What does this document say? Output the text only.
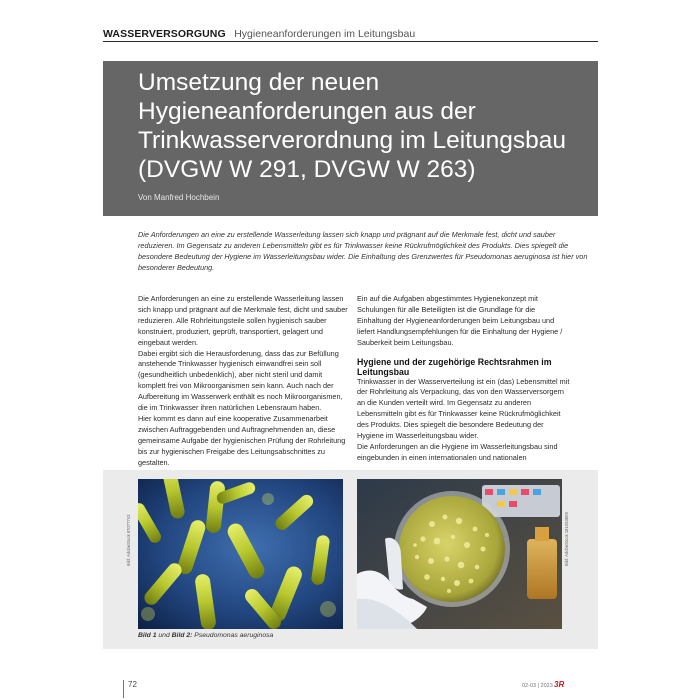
WASSERVERSORGUNG Hygieneanforderungen im Leitungsbau
Umsetzung der neuen
Hygieneanforderungen aus der
Trinkwasserverordnung im Leitungsbau
(DVGW W 291, DVGW W 263)
Von Manfred Hochbein

Die Anforderungen an eine zu erstellende Wasserleitung lassen sich knapp und prägnant auf die Merkmale fest, dicht und sauber reduzieren. Im Gegensatz zu anderen Lebensmitteln gibt es für Trinkwasser keine Rückrufmöglichkeit des Produkts. Dies spiegelt die besondere Bedeutung der Hygiene im Wasserleitungsbau wider. Die Einhaltung des Grenzwertes für Pseudomonas aeruginosa ist hier von besonderer Bedeutung.

Die Anforderungen an eine zu erstellende Wasserleitung lassen sich knapp und prägnant auf die Merkmale fest, dicht und sauber reduzieren. Alle Rohrleitungsteile sollen hygienisch sauber konstruiert, produziert, geprüft, transportiert, gelagert und eingebaut werden.

Dabei ergibt sich die Herausforderung, dass das zur Befüllung anstehende Trinkwasser hygienisch einwandfrei sein soll (gesundheitlich unbedenklich), aber nicht steril und damit komplett frei von Mikroorganismen sein kann. Auch nach der Aufbereitung im Wasserwerk enthält es noch Mikroorganismen, die im Trinkwasser ihren natürlichen Lebensraum haben.

Hier kommt es dann auf eine kooperative Zusammenarbeit zwischen Auftraggebenden und Auftragnehmenden an, diese gemeinsame Aufgabe der hygienischen Prüfung der Rohrleitung bis zur hygienischen Freigabe des Leitungsabschnittes zu gestalten.

Ein auf die Aufgaben abgestimmtes Hygienekonzept mit Schulungen für alle Beteiligten ist die Grundlage für die Einhaltung der Hygieneanforderungen beim Leitungsbau und liefert Handlungsempfehlungen für die Einhaltung der Hygiene / Sauberkeit beim Leitungsbau.

Hygiene und der zugehörige Rechtsrahmen im Leitungsbau

Trinkwasser in der Wasserverteilung ist ein (das) Lebensmittel mit der Rohrleitung als Verpackung, das von den Wasserversorgern an die Kunden verteilt wird. Im Gegensatz zu anderen Lebensmitteln gibt es für Trinkwasser keine Rückrufmöglichkeit des Produkts. Dies spiegelt die besondere Bedeutung der Hygiene im Wasserleitungsbau wider.

Die Anforderungen an die Hygiene im Wasserleitungsbau sind eingebunden in einen internationalen und nationalen

Bild: AdobeStock 87077743	Bild: AdobeStock 181053809
Bild 1 und Bild 2: Pseudomonas aeruginosa
72	02-03 | 2023 3R
